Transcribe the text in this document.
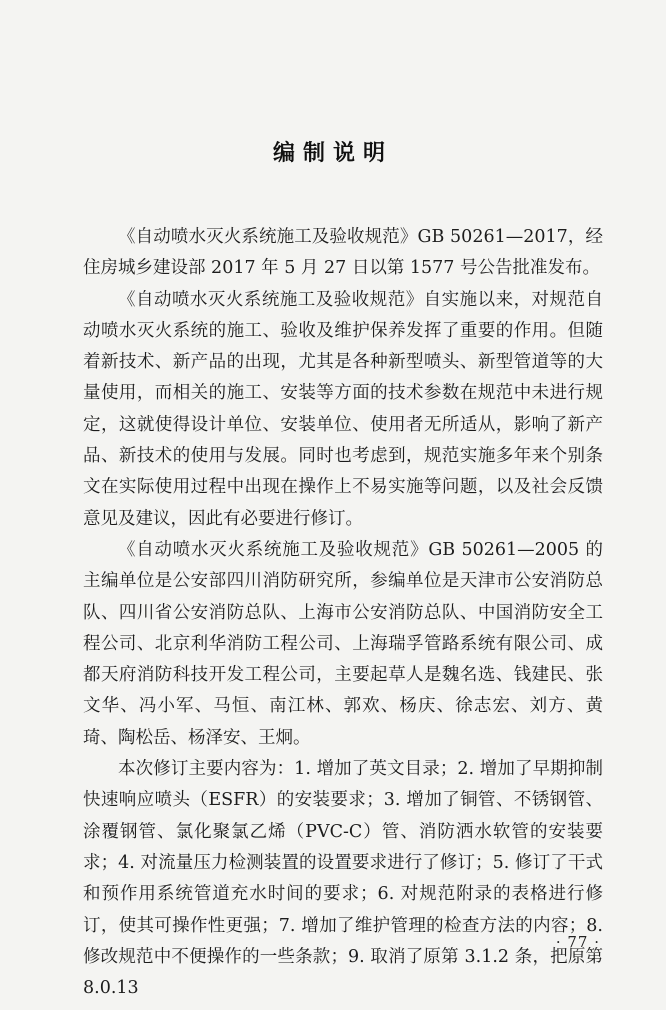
编制说明

《自动喷水灭火系统施工及验收规范》GB 50261—2017，经住房城乡建设部 2017 年 5 月 27 日以第 1577 号公告批准发布。

《自动喷水灭火系统施工及验收规范》自实施以来，对规范自动喷水灭火系统的施工、验收及维护保养发挥了重要的作用。但随着新技术、新产品的出现，尤其是各种新型喷头、新型管道等的大量使用，而相关的施工、安装等方面的技术参数在规范中未进行规定，这就使得设计单位、安装单位、使用者无所适从，影响了新产品、新技术的使用与发展。同时也考虑到，规范实施多年来个别条文在实际使用过程中出现在操作上不易实施等问题，以及社会反馈意见及建议，因此有必要进行修订。

《自动喷水灭火系统施工及验收规范》GB 50261—2005 的主编单位是公安部四川消防研究所，参编单位是天津市公安消防总队、四川省公安消防总队、上海市公安消防总队、中国消防安全工程公司、北京利华消防工程公司、上海瑞孚管路系统有限公司、成都天府消防科技开发工程公司，主要起草人是魏名选、钱建民、张文华、冯小军、马恒、南江林、郭欢、杨庆、徐志宏、刘方、黄琦、陶松岳、杨泽安、王炯。

本次修订主要内容为：1. 增加了英文目录；2. 增加了早期抑制快速响应喷头（ESFR）的安装要求；3. 增加了铜管、不锈钢管、涂覆钢管、氯化聚氯乙烯（PVC-C）管、消防洒水软管的安装要求；4. 对流量压力检测装置的设置要求进行了修订；5. 修订了干式和预作用系统管道充水时间的要求；6. 对规范附录的表格进行修订，使其可操作性更强；7. 增加了维护管理的检查方法的内容；8. 修改规范中不便操作的一些条款；9. 取消了原第 3.1.2 条，把原第 8.0.13

· 77 ·
